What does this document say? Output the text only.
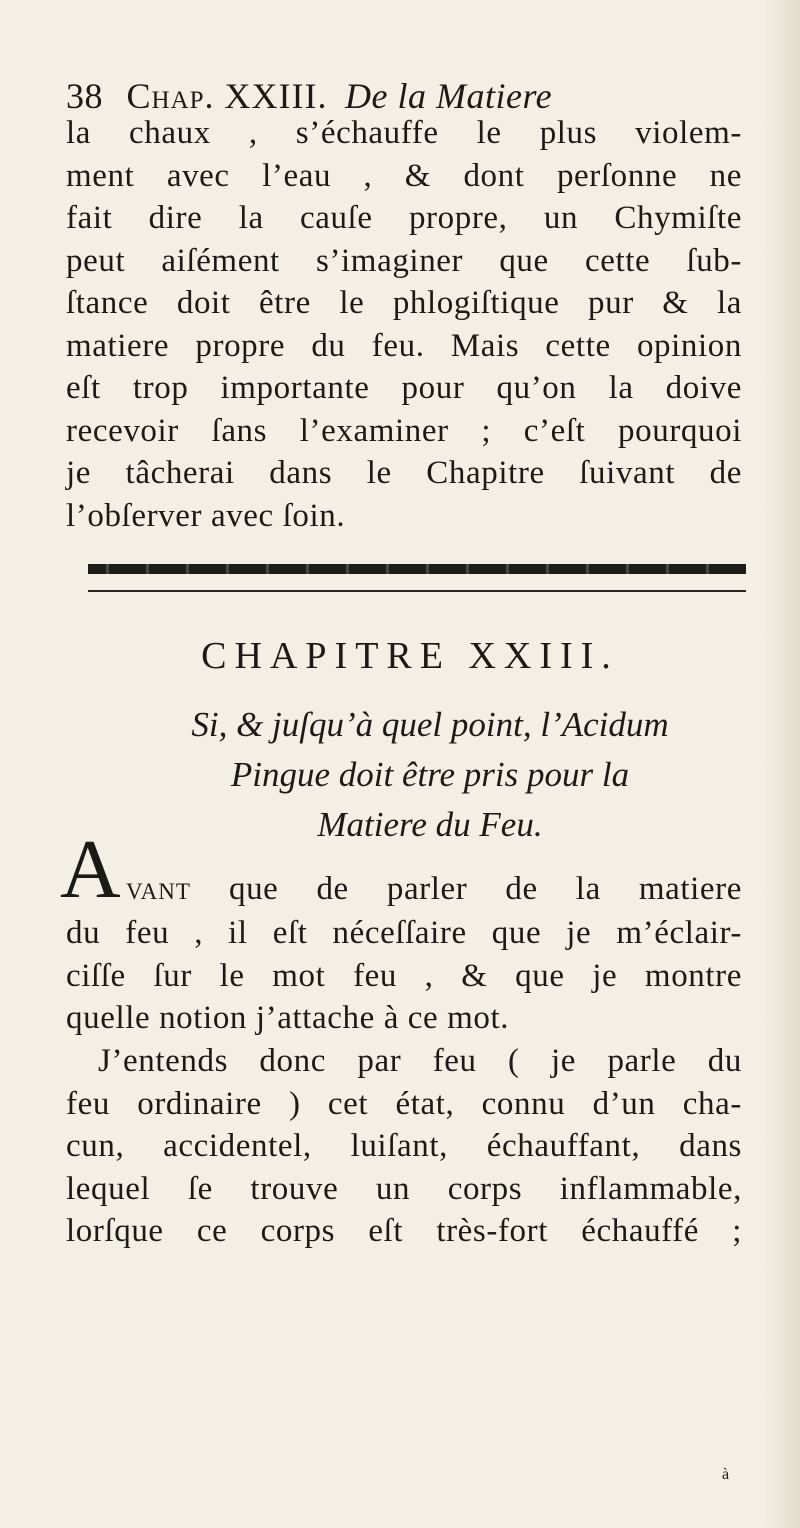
38 Chap. XXIII. De la Matiere
la chaux , s’échauffe le plus violem-
ment avec l’eau , & dont perſonne ne
fait dire la cauſe propre, un Chymiſte
peut aiſément s’imaginer que cette ſub-
ſtance doit être le phlogiſtique pur & la
matiere propre du feu. Mais cette opinion
eſt trop importante pour qu’on la doive
recevoir ſans l’examiner ; c’eſt pourquoi
je tâcherai dans le Chapitre ſuivant de
l’obſerver avec ſoin.
CHAPITRE XXIII.
Si, & juſqu’à quel point, l’Acidum
Pingue doit être pris pour la
Matiere du Feu.
A vant que de parler de la matiere
du feu , il eſt néceſſaire que je m’éclair-
ciſſe ſur le mot feu , & que je montre
quelle notion j’attache à ce mot.
J’entends donc par feu ( je parle du
feu ordinaire ) cet état, connu d’un cha-
cun, accidentel, luiſant, échauffant, dans
lequel ſe trouve un corps inflammable,
lorſque ce corps eſt très-fort échauffé ;
à
